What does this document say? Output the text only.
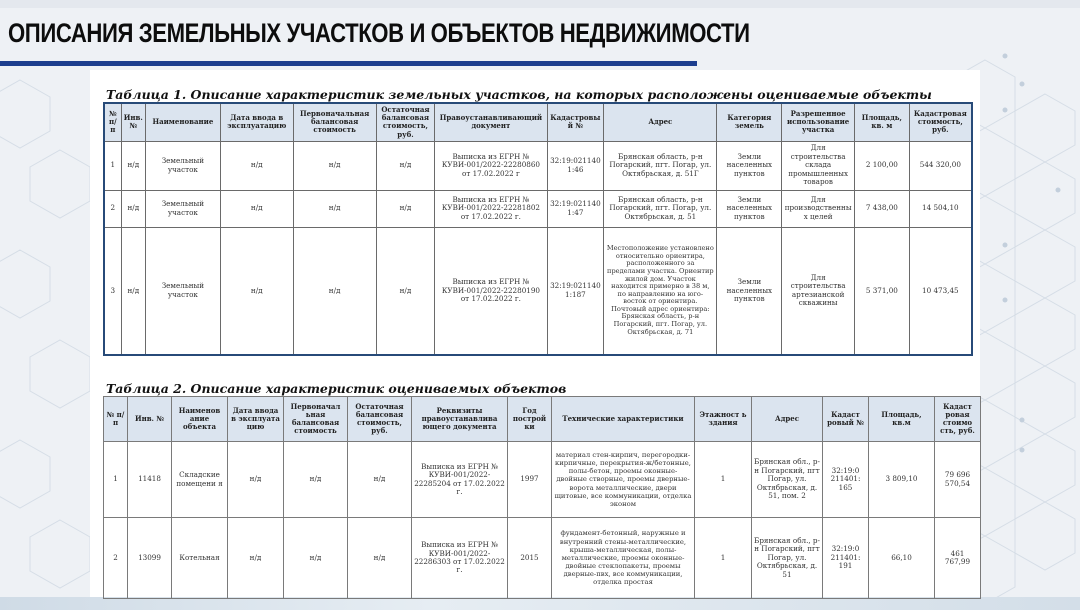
ОПИСАНИЯ ЗЕМЕЛЬНЫХ УЧАСТКОВ И ОБЪЕКТОВ НЕДВИЖИМОСТИ
Таблица 1. Описание характеристик земельных участков, на которых расположены оцениваемые объекты
№ п/п	Инв. №	Наименование	Дата ввода в эксплуатацию	Первоначальная балансовая стоимость	Остаточная балансовая стоимость, руб.	Правоустанавливающий документ	Кадастровы й №	Адрес	Категория земель	Разрешенное использование участка	Площадь, кв. м	Кадастровая стоимость, руб.
1	н/д	Земельный участок	н/д	н/д	н/д	Выписка из ЕГРН № КУВИ-001/2022-22280860 от 17.02.2022 г	32:19:021140 1:46	Брянская область, р-н Погарский, пгт. Погар, ул. Октябрьская, д. 51Г	Земли населенных пунктов	Для строительства склада промышленных товаров	2 100,00	544 320,00
2	н/д	Земельный участок	н/д	н/д	н/д	Выписка из ЕГРН № КУВИ-001/2022-22281802 от 17.02.2022 г.	32:19:021140 1:47	Брянская область, р-н Погарский, пгт. Погар, ул. Октябрьская, д. 51	Земли населенных пунктов	Для производственны х целей	7 438,00	14 504,10
3	н/д	Земельный участок	н/д	н/д	н/д	Выписка из ЕГРН № КУВИ-001/2022-22280190 от 17.02.2022 г.	32:19:021140 1:187	Местоположение установлено относительно ориентира, расположенного за пределами участка. Ориентир жилой дом. Участок находится примерно в 38 м, по направлению на юго-восток от ориентира. Почтовый адрес ориентира: Брянская область, р-н Погарский, пгт. Погар, ул. Октябрьская, д. 71	Земли населенных пунктов	Для строительства артезианской скважины	5 371,00	10 473,45
Таблица 2. Описание характеристик оцениваемых объектов
№ п/ п	Инв. №	Наименов ание объекта	Дата ввода в эксплуата цию	Первоначал ьная балансовая стоимость	Остаточная балансовая стоимость, руб.	Реквизиты правоустанавлива ющего документа	Год построй ки	Технические характеристики	Этажност ь здания	Адрес	Кадаст ровый №	Площадь, кв.м	Кадаст ровая стоимо сть, руб.
1	11418	Складские помещени я	н/д	н/д	н/д	Выписка из ЕГРН № КУВИ-001/2022-22285204 от 17.02.2022 г.	1997	материал стен-кирпич, перегородки-кирпичные, перекрытия-ж/бетонные, полы-бетон, проемы оконные-двойные створные, проемы дверные-ворота металлические, двери щитовые, все коммуникации, отделка эконом	1	Брянская обл., р-н Погарский, пгт Погар, ул. Октябрьская, д. 51, пом. 2	32:19:0 211401: 165	3 809,10	79 696 570,54
2	13099	Котельная	н/д	н/д	н/д	Выписка из ЕГРН № КУВИ-001/2022-22286303 от 17.02.2022 г.	2015	фундамент-бетонный, наружные и внутренний стены-металлические, крыша-металлическая, полы-металлические, проемы оконные-двойные стеклопакеты, проемы дверные-пвх, все коммуникации, отделка простая	1	Брянская обл., р-н Погарский, пгт Погар, ул. Октябрьская, д. 51	32:19:0 211401: 191	66,10	461 767,99
